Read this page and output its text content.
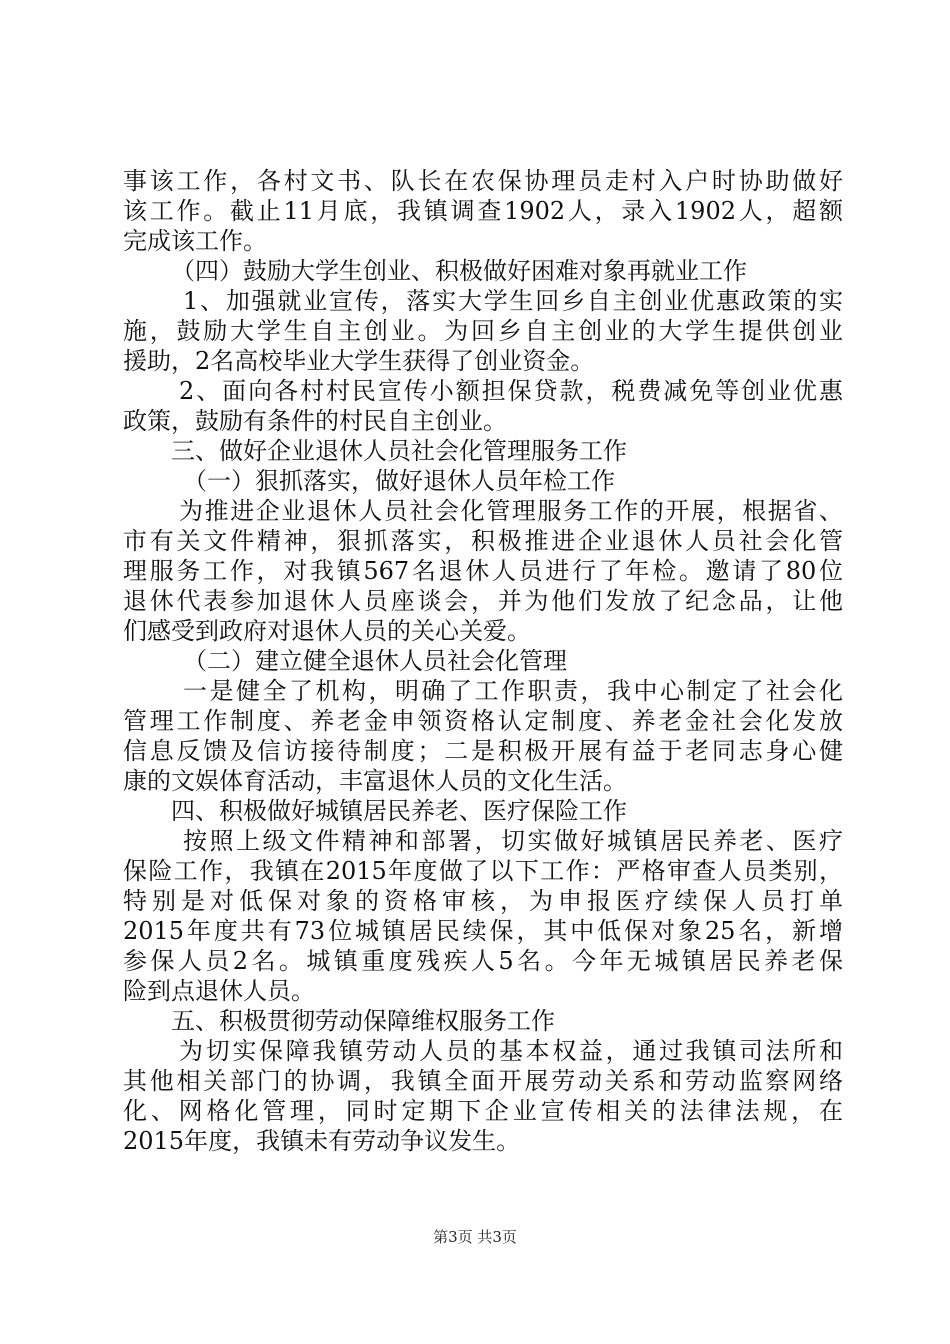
事该工作，各村文书、队长在农保协理员走村入户时协助做好
该工作。截止11月底，我镇调查1902人，录入1902人，超额
完成该工作。
（四）鼓励大学生创业、积极做好困难对象再就业工作
1、加强就业宣传，落实大学生回乡自主创业优惠政策的实
施，鼓励大学生自主创业。为回乡自主创业的大学生提供创业
援助，2名高校毕业大学生获得了创业资金。
2、面向各村村民宣传小额担保贷款，税费减免等创业优惠
政策，鼓励有条件的村民自主创业。
三、做好企业退休人员社会化管理服务工作
（一）狠抓落实，做好退休人员年检工作
为推进企业退休人员社会化管理服务工作的开展，根据省、
市有关文件精神，狠抓落实，积极推进企业退休人员社会化管
理服务工作，对我镇567名退休人员进行了年检。邀请了80位
退休代表参加退休人员座谈会，并为他们发放了纪念品，让他
们感受到政府对退休人员的关心关爱。
（二）建立健全退休人员社会化管理
一是健全了机构，明确了工作职责，我中心制定了社会化
管理工作制度、养老金申领资格认定制度、养老金社会化发放
信息反馈及信访接待制度；二是积极开展有益于老同志身心健
康的文娱体育活动，丰富退休人员的文化生活。
四、积极做好城镇居民养老、医疗保险工作
按照上级文件精神和部署，切实做好城镇居民养老、医疗
保险工作，我镇在2015年度做了以下工作：严格审查人员类别，
特别是对低保对象的资格审核，为申报医疗续保人员打单
2015年度共有73位城镇居民续保，其中低保对象25名，新增
参保人员2名。城镇重度残疾人5名。今年无城镇居民养老保
险到点退休人员。
五、积极贯彻劳动保障维权服务工作
为切实保障我镇劳动人员的基本权益，通过我镇司法所和
其他相关部门的协调，我镇全面开展劳动关系和劳动监察网络
化、网格化管理，同时定期下企业宣传相关的法律法规，在
2015年度，我镇未有劳动争议发生。
第3页 共3页
